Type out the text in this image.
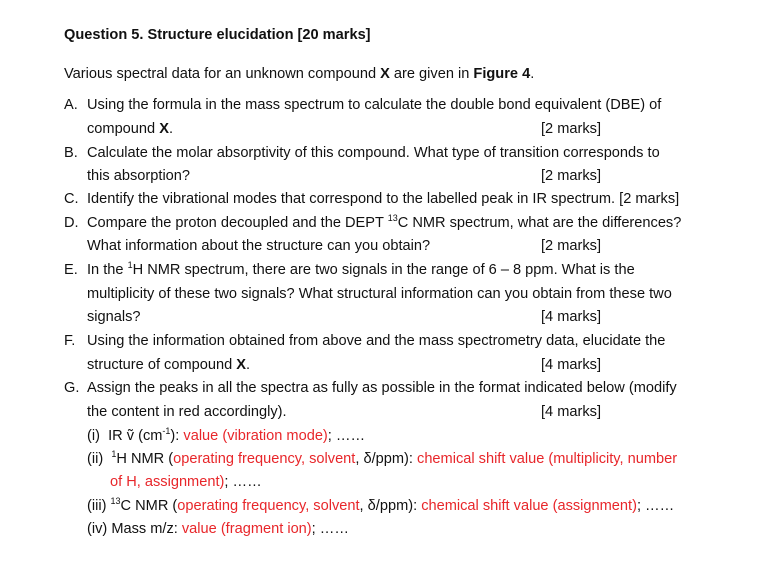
Question 5. Structure elucidation [20 marks]
Various spectral data for an unknown compound X are given in Figure 4.
A. Using the formula in the mass spectrum to calculate the double bond equivalent (DBE) of
compound X.	[2 marks]
B. Calculate the molar absorptivity of this compound. What type of transition corresponds to
this absorption?	[2 marks]
C. Identify the vibrational modes that correspond to the labelled peak in IR spectrum. [2 marks]
D. Compare the proton decoupled and the DEPT $^{13}$C NMR spectrum, what are the differences?
What information about the structure can you obtain?	[2 marks]
E. In the $^1$H NMR spectrum, there are two signals in the range of 6 – 8 ppm. What is the
multiplicity of these two signals? What structural information can you obtain from these two
signals?	[4 marks]
F. Using the information obtained from above and the mass spectrometry data, elucidate the
structure of compound X.	[4 marks]
G. Assign the peaks in all the spectra as fully as possible in the format indicated below (modify
the content in red accordingly).	[4 marks]
(i) IR ṽ $(cm^{-1})$: value (vibration mode); ……
(ii) $^1$H NMR (operating frequency, solvent, δ/ppm): chemical shift value (multiplicity, number
of H, assignment); ……
(iii) $^{13}$C NMR (operating frequency, solvent, δ/ppm): chemical shift value (assignment); ……
(iv) Mass m/z: value (fragment ion); ……
